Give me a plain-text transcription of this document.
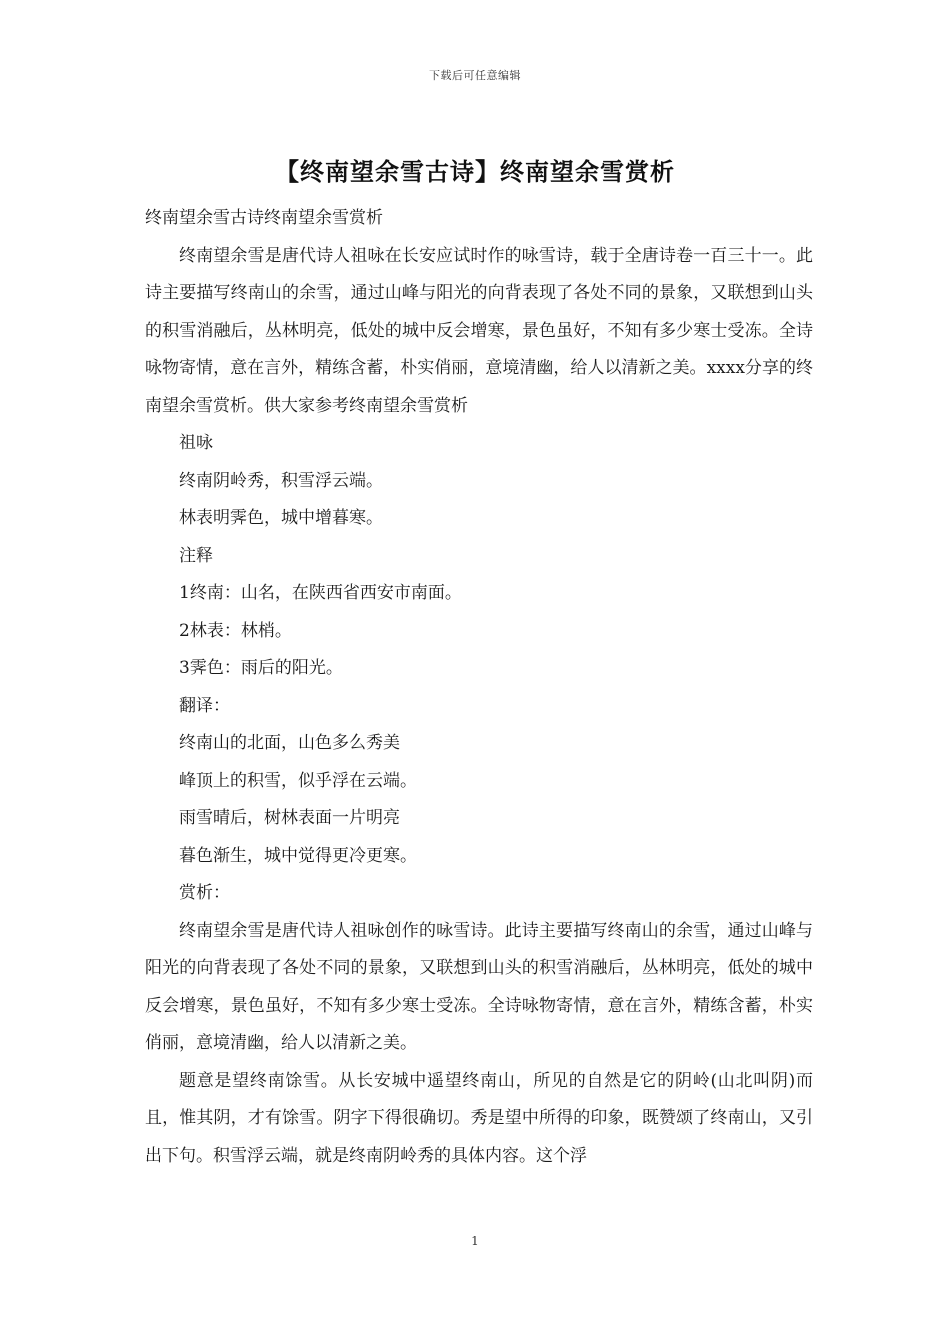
下载后可任意编辑
【终南望余雪古诗】终南望余雪赏析

终南望余雪古诗终南望余雪赏析

终南望余雪是唐代诗人祖咏在长安应试时作的咏雪诗，载于全唐诗卷一百三十一。此诗主要描写终南山的余雪，通过山峰与阳光的向背表现了各处不同的景象，又联想到山头的积雪消融后，丛林明亮，低处的城中反会增寒，景色虽好，不知有多少寒士受冻。全诗咏物寄情，意在言外，精练含蓄，朴实俏丽，意境清幽，给人以清新之美。xxxx分享的终南望余雪赏析。供大家参考终南望余雪赏析

祖咏

终南阴岭秀，积雪浮云端。

林表明霁色，城中增暮寒。

注释

1终南：山名，在陕西省西安市南面。

2林表：林梢。

3霁色：雨后的阳光。

翻译：

终南山的北面，山色多么秀美

峰顶上的积雪，似乎浮在云端。

雨雪晴后，树林表面一片明亮

暮色渐生，城中觉得更冷更寒。

赏析：

终南望余雪是唐代诗人祖咏创作的咏雪诗。此诗主要描写终南山的余雪，通过山峰与阳光的向背表现了各处不同的景象，又联想到山头的积雪消融后，丛林明亮，低处的城中反会增寒，景色虽好，不知有多少寒士受冻。全诗咏物寄情，意在言外，精练含蓄，朴实俏丽，意境清幽，给人以清新之美。

题意是望终南馀雪。从长安城中遥望终南山，所见的自然是它的阴岭(山北叫阴)而且，惟其阴，才有馀雪。阴字下得很确切。秀是望中所得的印象，既赞颂了终南山，又引出下句。积雪浮云端，就是终南阴岭秀的具体内容。这个浮

1
